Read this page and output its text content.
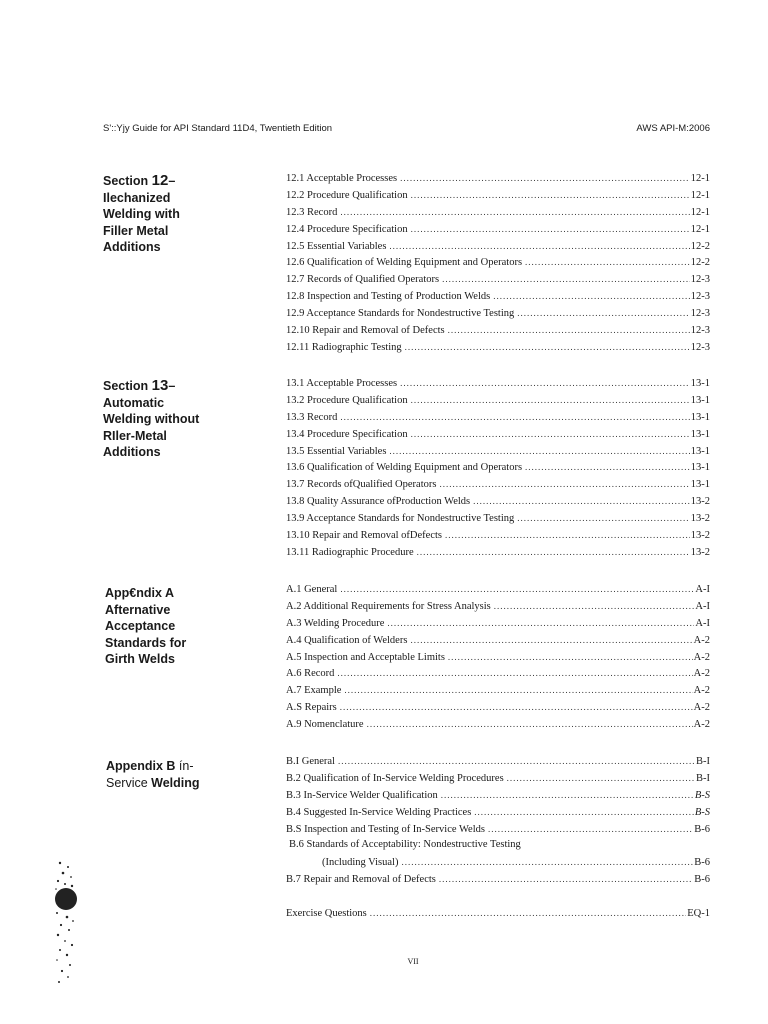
S'::Yjy Guide for API Standard 11D4, Twentieth Edition	AWS API-M:2006
Section 12–
Ilechanized
Welding with
Filler Metal
Additions
12.1 Acceptable Processes .....	12-1
12.2 Procedure Qualification .....	12-1
12.3 Record .....	12-1
12.4 Procedure Specification .....	12-1
12.5 Essential Variables .....	12-2
12.6 Qualification of Welding Equipment and Operators .....	12-2
12.7 Records of Qualified Operators .....	12-3
12.8 Inspection and Testing of Production Welds .....	12-3
12.9 Acceptance Standards for Nondestructive Testing .....	12-3
12.10 Repair and Removal of Defects .....	12-3
12.11 Radiographic Testing .....	12-3
Section 13–
Automatic
Welding without
RIler-Metal
Additions
13.1 Acceptable Processes .....	13-1
13.2 Procedure Qualification .....	13-1
13.3 Record .....	13-1
13.4 Procedure Specification .....	13-1
13.5 Essential Variables .....	13-1
13.6 Qualification of Welding Equipment and Operators .....	13-1
13.7 Records ofQualified Operators .....	13-1
13.8 Quality Assurance ofProduction Welds .....	13-2
13.9 Acceptance Standards for Nondestructive Testing .....	13-2
13.10 Repair and Removal ofDefects .....	13-2
13.11 Radiographic Procedure .....	13-2
App€ndix A
Afternative
Acceptance
Standards for
Girth Welds
A.1 General .....	A-I
A.2 Additional Requirements for Stress Analysis .....	A-I
A.3 Welding Procedure .....	A-I
A.4 Qualification of Welders .....	A-2
A.5 Inspection and Acceptable Limits .....	A-2
A.6 Record .....	A-2
A.7 Example .....	A-2
A.S Repairs .....	A-2
A.9 Nomenclature .....	A-2
Appendix B ín-
Service Welding
B.I General .....	B-I
B.2 Qualification of In-Service Welding Procedures .....	B-I
B.3 In-Service Welder Qualification .....	B-S
B.4 Suggested In-Service Welding Practices .....	B-S
B.S Inspection and Testing of In-Service Welds .....	B-6
B.6 Standards of Acceptability: Nondestructive Testing
(Including Visual) .....	B-6
B.7 Repair and Removal of Defects .....	B-6
Exercise Questions .....	EQ-1
VII
